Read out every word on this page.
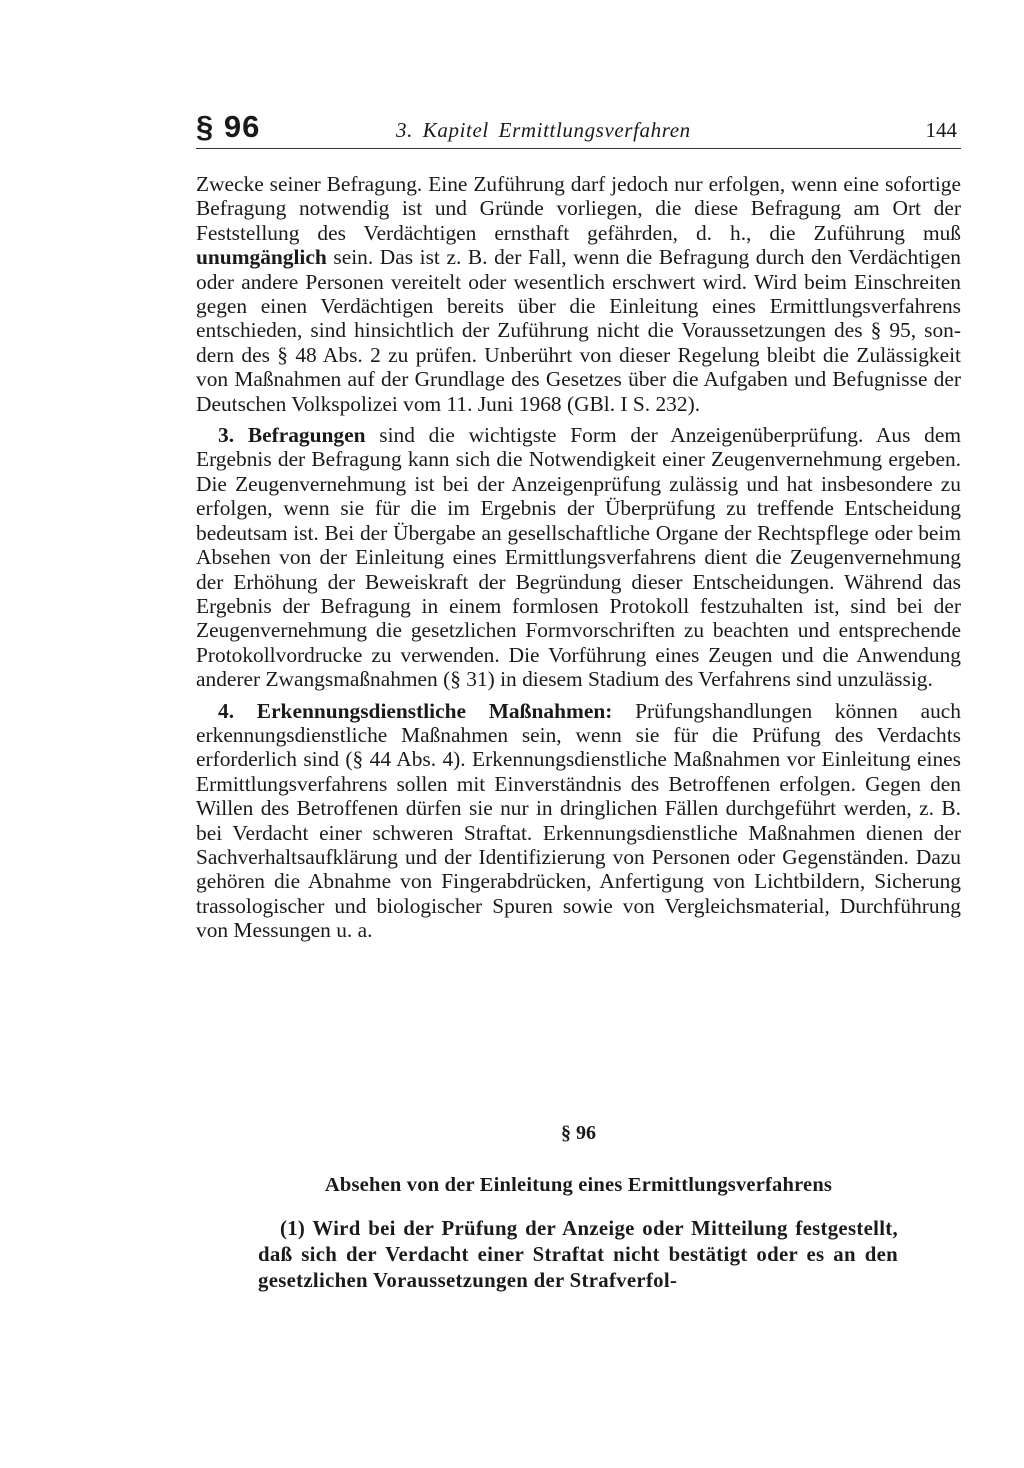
§ 96	3. Kapitel Ermittlungsverfahren	144

Zwecke seiner Befragung. Eine Zuführung darf jedoch nur erfolgen, wenn eine sofortige Befragung notwendig ist und Gründe vorliegen, die diese Befragung am Ort der Feststellung des Verdächtigen ernsthaft gefährden, d. h., die Zuführung muß unumgänglich sein. Das ist z. B. der Fall, wenn die Befragung durch den Verdächtigen oder andere Personen vereitelt oder wesentlich erschwert wird. Wird beim Einschreiten gegen einen Verdächtigen bereits über die Einleitung eines Ermittlungsverfahrens entschieden, sind hinsichtlich der Zuführung nicht die Voraussetzungen des § 95, sondern des § 48 Abs. 2 zu prüfen. Unberührt von dieser Regelung bleibt die Zulässigkeit von Maßnahmen auf der Grundlage des Gesetzes über die Aufgaben und Befugnisse der Deutschen Volkspolizei vom 11. Juni 1968 (GBl. I S. 232).

3. Befragungen sind die wichtigste Form der Anzeigenüberprüfung. Aus dem Ergebnis der Befragung kann sich die Notwendigkeit einer Zeugenvernehmung ergeben. Die Zeugenvernehmung ist bei der Anzeigenprüfung zulässig und hat insbesondere zu erfolgen, wenn sie für die im Ergebnis der Überprüfung zu treffende Entscheidung bedeutsam ist. Bei der Übergabe an gesellschaftliche Organe der Rechtspflege oder beim Absehen von der Einleitung eines Ermittlungsverfahrens dient die Zeugenvernehmung der Erhöhung der Beweiskraft der Begründung dieser Entscheidungen. Während das Ergebnis der Befragung in einem formlosen Protokoll festzuhalten ist, sind bei der Zeugenvernehmung die gesetzlichen Formvorschriften zu beachten und entsprechende Protokollvordrucke zu verwenden. Die Vorführung eines Zeugen und die Anwendung anderer Zwangsmaßnahmen (§ 31) in diesem Stadium des Verfahrens sind unzulässig.

4. Erkennungsdienstliche Maßnahmen: Prüfungshandlungen können auch erkennungsdienstliche Maßnahmen sein, wenn sie für die Prüfung des Verdachts erforderlich sind (§ 44 Abs. 4). Erkennungsdienstliche Maßnahmen vor Einleitung eines Ermittlungsverfahrens sollen mit Einverständnis des Betroffenen erfolgen. Gegen den Willen des Betroffenen dürfen sie nur in dringlichen Fällen durchgeführt werden, z. B. bei Verdacht einer schweren Straftat. Erkennungsdienstliche Maßnahmen dienen der Sachverhaltsaufklärung und der Identifizierung von Personen oder Gegenständen. Dazu gehören die Abnahme von Fingerabdrücken, Anfertigung von Lichtbildern, Sicherung trassologischer und biologischer Spuren sowie von Vergleichsmaterial, Durchführung von Messungen u. a.

§ 96
Absehen von der Einleitung eines Ermittlungsverfahrens

(1) Wird bei der Prüfung der Anzeige oder Mitteilung festgestellt, daß sich der Verdacht einer Straftat nicht bestätigt oder es an den gesetzlichen Voraussetzungen der Strafverfol-
